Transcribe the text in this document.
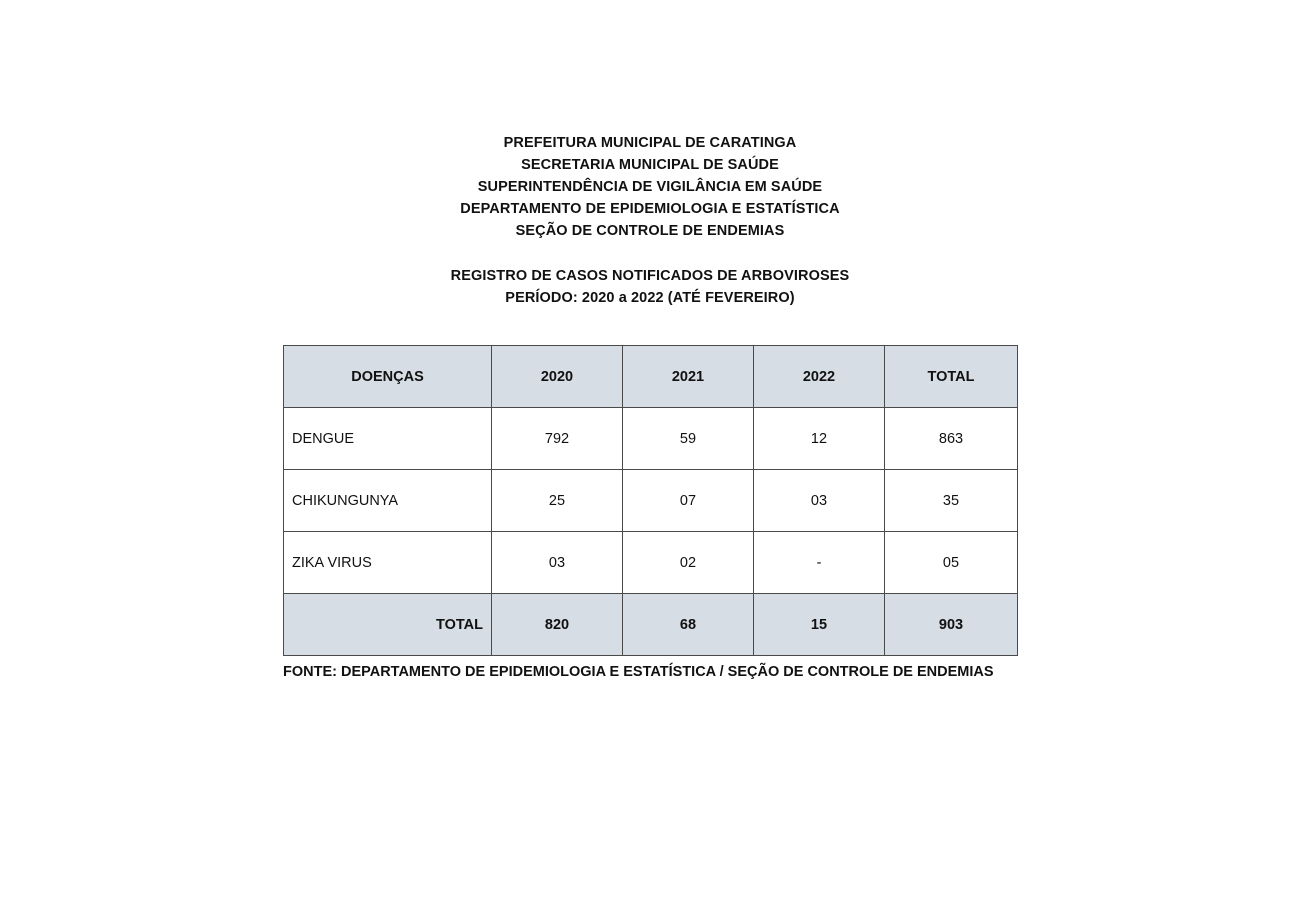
PREFEITURA MUNICIPAL DE CARATINGA
SECRETARIA MUNICIPAL DE SAÚDE
SUPERINTENDÊNCIA DE VIGILÂNCIA EM SAÚDE
DEPARTAMENTO DE EPIDEMIOLOGIA E ESTATÍSTICA
SEÇÃO DE CONTROLE DE ENDEMIAS
REGISTRO DE CASOS NOTIFICADOS DE ARBOVIROSES
PERÍODO: 2020 a 2022 (ATÉ FEVEREIRO)
DOENÇAS	2020	2021	2022	TOTAL
DENGUE	792	59	12	863
CHIKUNGUNYA	25	07	03	35
ZIKA VIRUS	03	02	-	05
TOTAL	820	68	15	903
FONTE: DEPARTAMENTO DE EPIDEMIOLOGIA E ESTATÍSTICA / SEÇÃO DE CONTROLE DE ENDEMIAS
